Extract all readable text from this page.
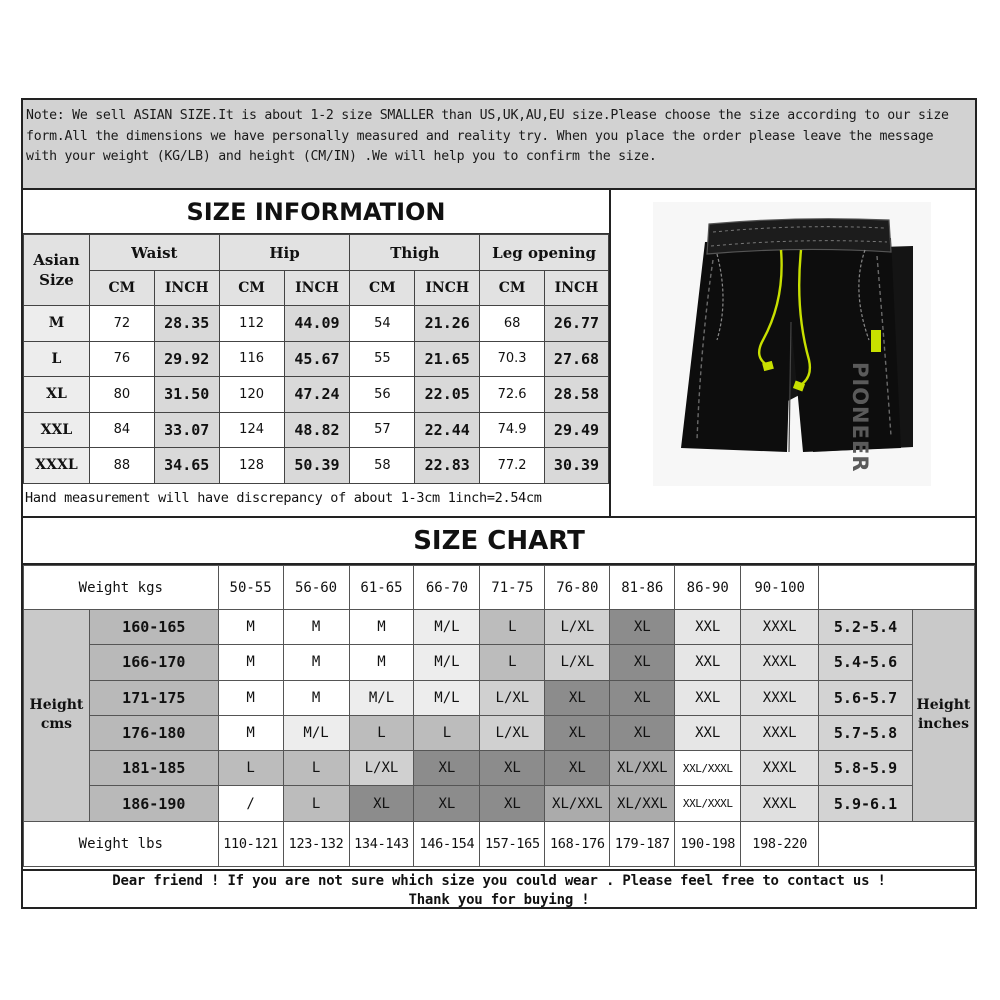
Note: We sell ASIAN SIZE.It is about 1-2 size SMALLER than US,UK,AU,EU size.Please choose the size according to our size form.All the dimensions we have personally measured and reality try. When you place the order please leave the message with your weight (KG/LB) and height (CM/IN) .We will help you to confirm the size.
SIZE INFORMATION
Asian Size	Waist		Hip		Thigh		Leg opening	
	CM	INCH	CM	INCH	CM	INCH	CM	INCH
M	72	28.35	112	44.09	54	21.26	68	26.77
L	76	29.92	116	45.67	55	21.65	70.3	27.68
XL	80	31.50	120	47.24	56	22.05	72.6	28.58
XXL	84	33.07	124	48.82	57	22.44	74.9	29.49
XXXL	88	34.65	128	50.39	58	22.83	77.2	30.39
Hand measurement will have discrepancy of about 1-3cm 1inch=2.54cm
PIONEER
SIZE CHART
Weight kgs		50-55	56-60	61-65	66-70	71-75	76-80	81-86	86-90	90-100		
Height cms	160-165	M	M	M	M/L	L	L/XL	XL	XXL	XXXL	5.2-5.4	Height inches
	166-170	M	M	M	M/L	L	L/XL	XL	XXL	XXXL	5.4-5.6	
	171-175	M	M	M/L	M/L	L/XL	XL	XL	XXL	XXXL	5.6-5.7	
	176-180	M	M/L	L	L	L/XL	XL	XL	XXL	XXXL	5.7-5.8	
	181-185	L	L	L/XL	XL	XL	XL	XL/XXL	XXL/XXXL	XXXL	5.8-5.9	
	186-190	/	L	XL	XL	XL	XL/XXL	XL/XXL	XXL/XXXL	XXXL	5.9-6.1	
Weight lbs		110-121	123-132	134-143	146-154	157-165	168-176	179-187	190-198	198-220		
Dear friend ! If you are not sure which size you could wear . Please feel free to contact us !
Thank you for buying !
